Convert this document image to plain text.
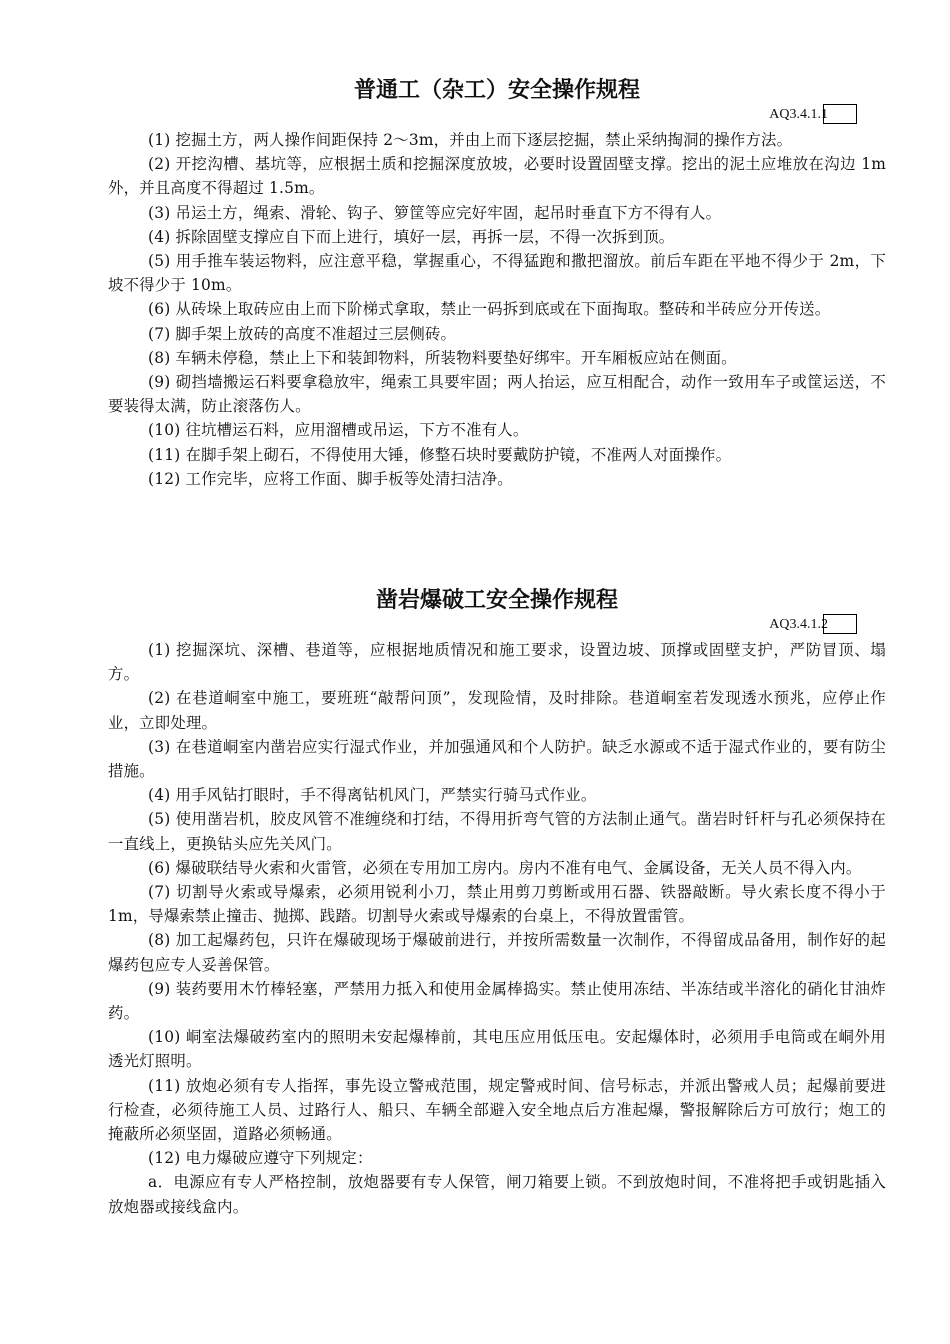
普通工（杂工）安全操作规程
AQ3.4.1.1

(1) 挖掘土方，两人操作间距保持 2～3m，并由上而下逐层挖掘，禁止采纳掏洞的操作方法。

(2) 开挖沟槽、基坑等，应根据土质和挖掘深度放坡，必要时设置固壁支撑。挖出的泥土应堆放在沟边 1m 外，并且高度不得超过 1.5m。

(3) 吊运土方，绳索、滑轮、钩子、箩筐等应完好牢固，起吊时垂直下方不得有人。

(4) 拆除固壁支撑应自下而上进行，填好一层，再拆一层，不得一次拆到顶。

(5) 用手推车装运物料，应注意平稳，掌握重心，不得猛跑和撒把溜放。前后车距在平地不得少于 2m，下坡不得少于 10m。

(6) 从砖垛上取砖应由上而下阶梯式拿取，禁止一码拆到底或在下面掏取。整砖和半砖应分开传送。

(7) 脚手架上放砖的高度不准超过三层侧砖。

(8) 车辆未停稳，禁止上下和装卸物料，所装物料要垫好绑牢。开车厢板应站在侧面。

(9) 砌挡墙搬运石料要拿稳放牢，绳索工具要牢固；两人抬运，应互相配合，动作一致用车子或筐运送，不要装得太满，防止滚落伤人。

(10) 往坑槽运石料，应用溜槽或吊运，下方不准有人。

(11) 在脚手架上砌石，不得使用大锤，修整石块时要戴防护镜，不准两人对面操作。

(12) 工作完毕，应将工作面、脚手板等处清扫洁净。

凿岩爆破工安全操作规程
AQ3.4.1.2

(1) 挖掘深坑、深槽、巷道等，应根据地质情况和施工要求，设置边坡、顶撑或固壁支护，严防冒顶、塌方。

(2) 在巷道峒室中施工，要班班“敲帮问顶”，发现险情，及时排除。巷道峒室若发现透水预兆，应停止作业，立即处理。

(3) 在巷道峒室内凿岩应实行湿式作业，并加强通风和个人防护。缺乏水源或不适于湿式作业的，要有防尘措施。

(4) 用手风钻打眼时，手不得离钻机风门，严禁实行骑马式作业。

(5) 使用凿岩机，胶皮风管不准缠绕和打结，不得用折弯气管的方法制止通气。凿岩时钎杆与孔必须保持在一直线上，更换钻头应先关风门。

(6) 爆破联结导火索和火雷管，必须在专用加工房内。房内不准有电气、金属设备，无关人员不得入内。

(7) 切割导火索或导爆索，必须用锐利小刀，禁止用剪刀剪断或用石器、铁器敲断。导火索长度不得小于 1m，导爆索禁止撞击、抛掷、践踏。切割导火索或导爆索的台桌上，不得放置雷管。

(8) 加工起爆药包，只许在爆破现场于爆破前进行，并按所需数量一次制作，不得留成品备用，制作好的起爆药包应专人妥善保管。

(9) 装药要用木竹棒轻塞，严禁用力抵入和使用金属棒捣实。禁止使用冻结、半冻结或半溶化的硝化甘油炸药。

(10) 峒室法爆破药室内的照明未安起爆棒前，其电压应用低压电。安起爆体时，必须用手电筒或在峒外用透光灯照明。

(11) 放炮必须有专人指挥，事先设立警戒范围，规定警戒时间、信号标志，并派出警戒人员；起爆前要进行检查，必须待施工人员、过路行人、船只、车辆全部避入安全地点后方准起爆，警报解除后方可放行；炮工的掩蔽所必须坚固，道路必须畅通。

(12) 电力爆破应遵守下列规定：

a．电源应有专人严格控制，放炮器要有专人保管，闸刀箱要上锁。不到放炮时间，不准将把手或钥匙插入放炮器或接线盒内。
